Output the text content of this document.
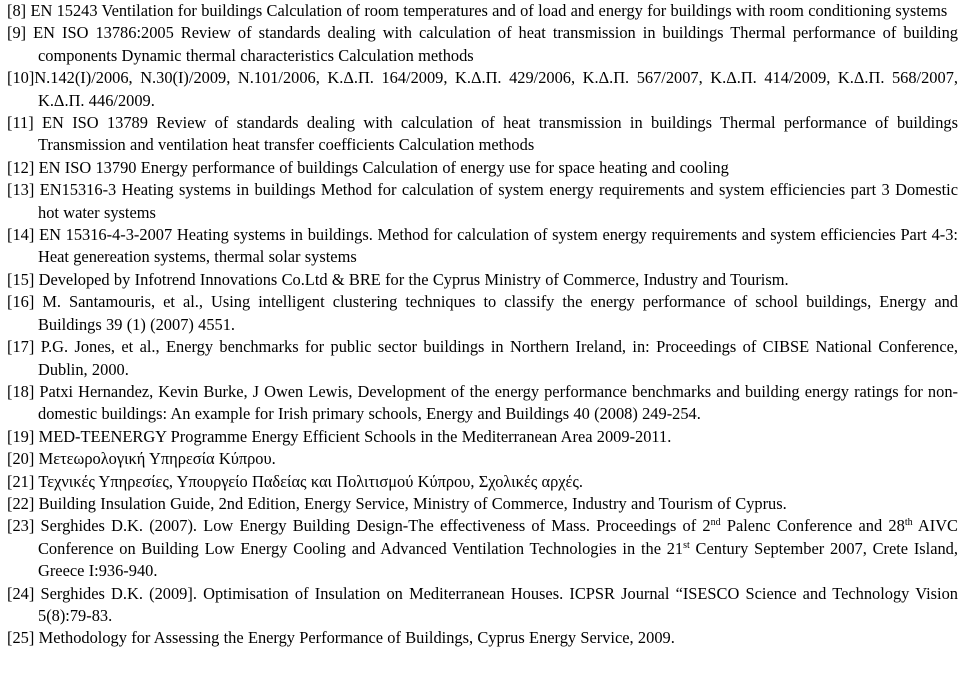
[8] EN 15243 Ventilation for buildings Calculation of room temperatures and of load and energy for buildings with room conditioning systems

[9] EN ISO 13786:2005 Review of standards dealing with calculation of heat transmission in buildings Thermal performance of building components Dynamic thermal characteristics Calculation methods

[10]N.142(I)/2006, N.30(I)/2009, N.101/2006, Κ.Δ.Π. 164/2009, Κ.Δ.Π. 429/2006, Κ.Δ.Π. 567/2007, Κ.Δ.Π. 414/2009, Κ.Δ.Π. 568/2007, Κ.Δ.Π. 446/2009.

[11] EN ISO 13789 Review of standards dealing with calculation of heat transmission in buildings Thermal performance of buildings Transmission and ventilation heat transfer coefficients Calculation methods

[12] EN ISO 13790 Energy performance of buildings Calculation of energy use for space heating and cooling

[13] EN15316-3 Heating systems in buildings Method for calculation of system energy requirements and system efficiencies part 3 Domestic hot water systems

[14] EN 15316-4-3-2007 Heating systems in buildings. Method for calculation of system energy requirements and system efficiencies Part 4-3: Heat genereation systems, thermal solar systems

[15] Developed by Infotrend Innovations Co.Ltd & BRE for the Cyprus Ministry of Commerce, Industry and Tourism.

[16] M. Santamouris, et al., Using intelligent clustering techniques to classify the energy performance of school buildings, Energy and Buildings 39 (1) (2007) 4551.

[17] P.G. Jones, et al., Energy benchmarks for public sector buildings in Northern Ireland, in: Proceedings of CIBSE National Conference, Dublin, 2000.

[18] Patxi Hernandez, Kevin Burke, J Owen Lewis, Development of the energy performance benchmarks and building energy ratings for non-domestic buildings: An example for Irish primary schools, Energy and Buildings 40 (2008) 249-254.

[19] MED-TEENERGY Programme Energy Efficient Schools in the Mediterranean Area 2009-2011.

[20] Μετεωρολογική Υπηρεσία Κύπρου.

[21] Τεχνικές Υπηρεσίες, Υπουργείο Παδείας και Πολιτισμού Κύπρου, Σχολικές αρχές.

[22] Building Insulation Guide, 2nd Edition, Energy Service, Ministry of Commerce, Industry and Tourism of Cyprus.

[23] Serghides D.K. (2007). Low Energy Building Design-The effectiveness of Mass. Proceedings of 2nd Palenc Conference and 28th AIVC Conference on Building Low Energy Cooling and Advanced Ventilation Technologies in the 21st Century September 2007, Crete Island, Greece I:936-940.

[24] Serghides D.K. (2009]. Optimisation of Insulation on Mediterranean Houses. ICPSR Journal “ISESCO Science and Technology Vision 5(8):79-83.

[25] Methodology for Assessing the Energy Performance of Buildings, Cyprus Energy Service, 2009.
